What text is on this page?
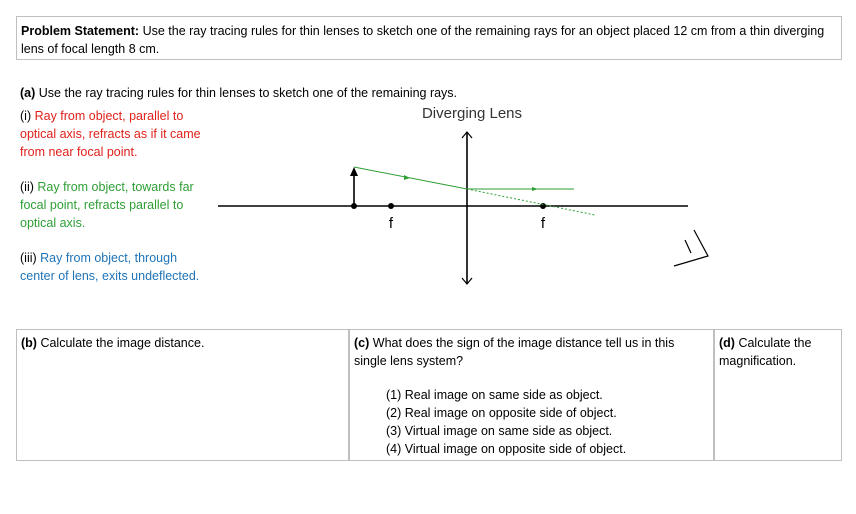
Problem Statement: Use the ray tracing rules for thin lenses to sketch one of the remaining rays for an object placed 12 cm from a thin diverging lens of focal length 8 cm.
(a) Use the ray tracing rules for thin lenses to sketch one of the remaining rays.
(i) Ray from object, parallel to optical axis, refracts as if it came from near focal point.
(ii) Ray from object, towards far focal point, refracts parallel to optical axis.
(iii) Ray from object, through center of lens, exits undeflected.
Diverging Lens
f	f
(b) Calculate the image distance.	(c) What does the sign of the image distance tell us in this single lens system?
(1) Real image on same side as object.
(2) Real image on opposite side of object.
(3) Virtual image on same side as object.
(4) Virtual image on opposite side of object.
(d) Calculate the magnification.
